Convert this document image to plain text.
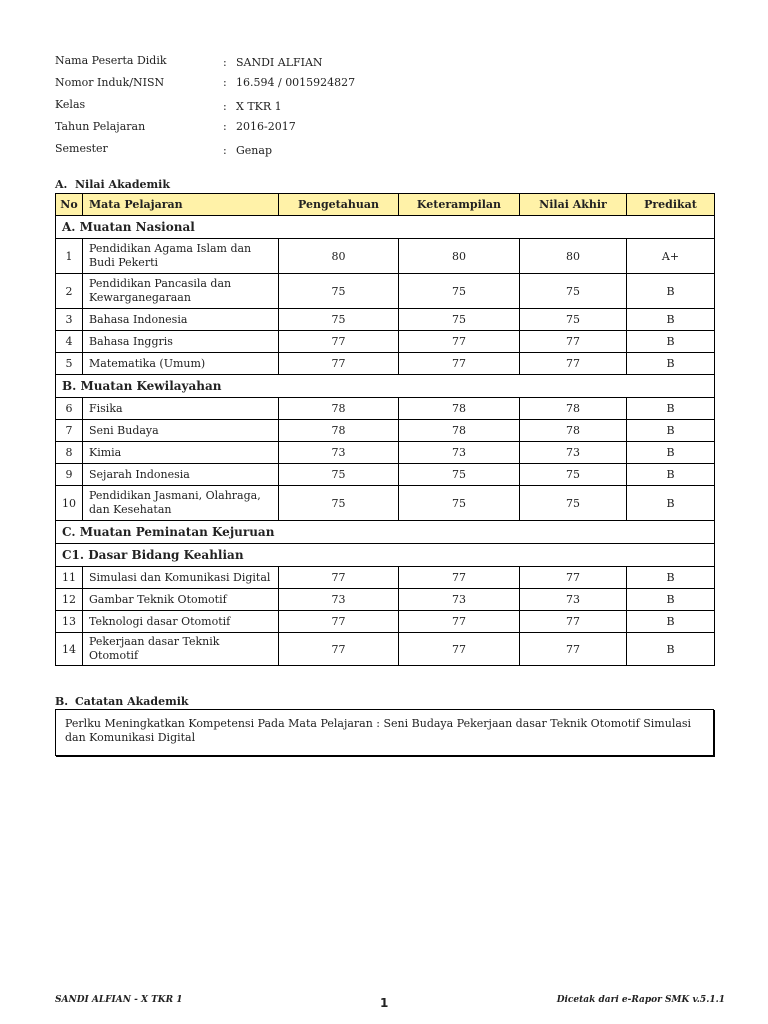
Nama Peserta Didik	: SANDI ALFIAN
Nomor Induk/NISN	: 16.594 / 0015924827
Kelas	: X TKR 1
Tahun Pelajaran	: 2016-2017
Semester	: Genap
A. Nilai Akademik
No	Mata Pelajaran	Pengetahuan	Keterampilan	Nilai Akhir	Predikat
A. Muatan Nasional					
1	Pendidikan Agama Islam dan Budi Pekerti	80	80	80	A+
2	Pendidikan Pancasila dan Kewarganegaraan	75	75	75	B
3	Bahasa Indonesia	75	75	75	B
4	Bahasa Inggris	77	77	77	B
5	Matematika (Umum)	77	77	77	B
B. Muatan Kewilayahan					
6	Fisika	78	78	78	B
7	Seni Budaya	78	78	78	B
8	Kimia	73	73	73	B
9	Sejarah Indonesia	75	75	75	B
10	Pendidikan Jasmani, Olahraga, dan Kesehatan	75	75	75	B
C. Muatan Peminatan Kejuruan					
C1. Dasar Bidang Keahlian					
11	Simulasi dan Komunikasi Digital	77	77	77	B
12	Gambar Teknik Otomotif	73	73	73	B
13	Teknologi dasar Otomotif	77	77	77	B
14	Pekerjaan dasar Teknik Otomotif	77	77	77	B
B. Catatan Akademik
Perlku Meningkatkan Kompetensi Pada Mata Pelajaran : Seni Budaya Pekerjaan dasar Teknik Otomotif Simulasi dan Komunikasi Digital
SANDI ALFIAN - X TKR 1	1	Dicetak dari e-Rapor SMK v.5.1.1
